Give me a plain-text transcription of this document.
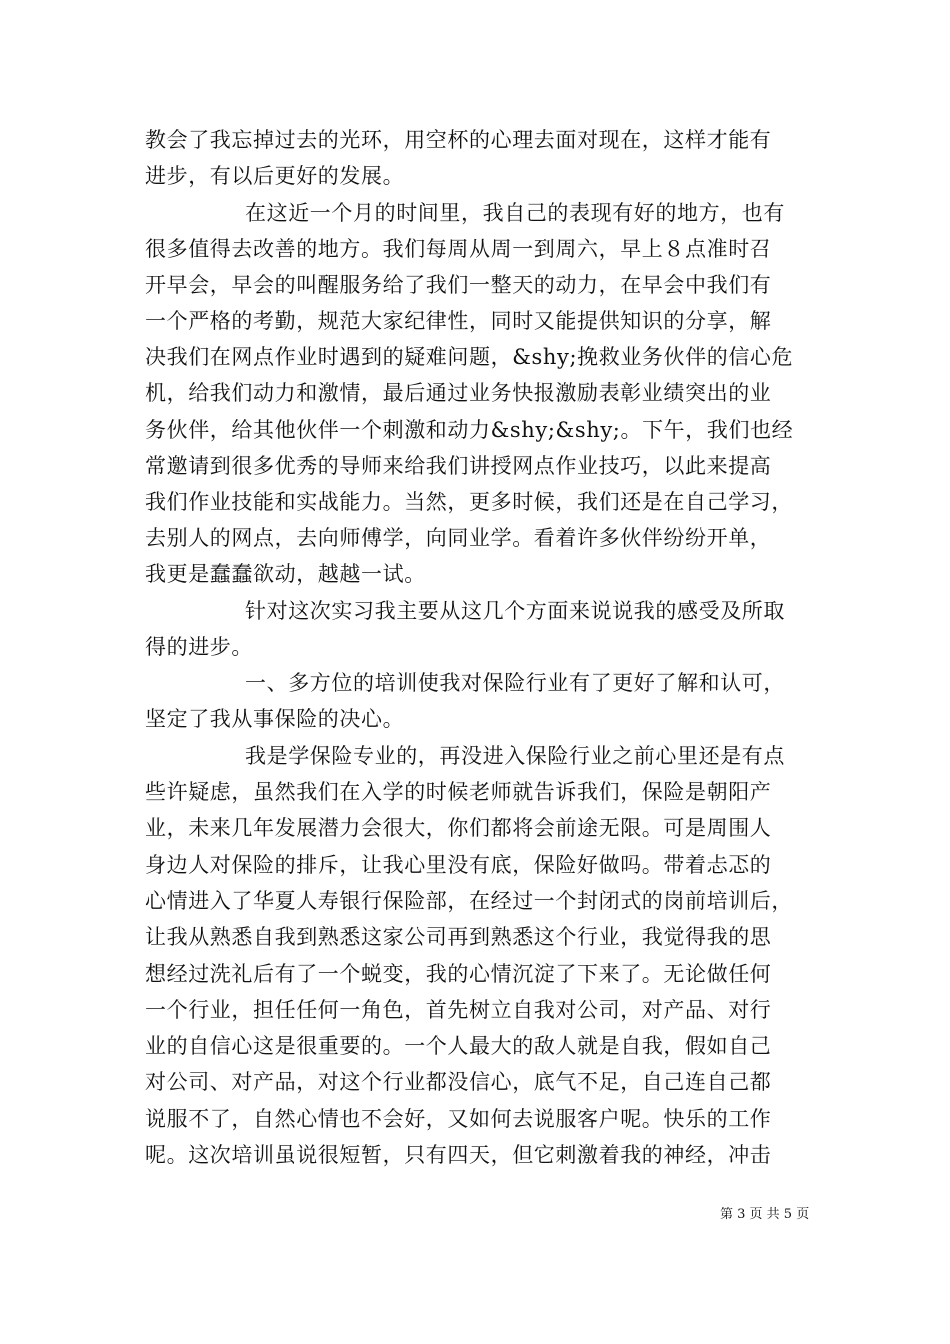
教会了我忘掉过去的光环，用空杯的心理去面对现在，这样才能有
进步，有以后更好的发展。
在这近一个月的时间里，我自己的表现有好的地方，也有
很多值得去改善的地方。我们每周从周一到周六，早上８点准时召
开早会，早会的叫醒服务给了我们一整天的动力，在早会中我们有
一个严格的考勤，规范大家纪律性，同时又能提供知识的分享，解
决我们在网点作业时遇到的疑难问题，&shy;挽救业务伙伴的信心危
机，给我们动力和激情，最后通过业务快报激励表彰业绩突出的业
务伙伴，给其他伙伴一个刺激和动力&shy;&shy;。下午，我们也经
常邀请到很多优秀的导师来给我们讲授网点作业技巧，以此来提高
我们作业技能和实战能力。当然，更多时候，我们还是在自己学习，
去别人的网点，去向师傅学，向同业学。看着许多伙伴纷纷开单，
我更是蠢蠢欲动，越越一试。
针对这次实习我主要从这几个方面来说说我的感受及所取
得的进步。
一、多方位的培训使我对保险行业有了更好了解和认可，
坚定了我从事保险的决心。
我是学保险专业的，再没进入保险行业之前心里还是有点
些许疑虑，虽然我们在入学的时候老师就告诉我们，保险是朝阳产
业，未来几年发展潜力会很大，你们都将会前途无限。可是周围人
身边人对保险的排斥，让我心里没有底，保险好做吗。带着忐忑的
心情进入了华夏人寿银行保险部，在经过一个封闭式的岗前培训后，
让我从熟悉自我到熟悉这家公司再到熟悉这个行业，我觉得我的思
想经过洗礼后有了一个蜕变，我的心情沉淀了下来了。无论做任何
一个行业，担任任何一角色，首先树立自我对公司，对产品、对行
业的自信心这是很重要的。一个人最大的敌人就是自我，假如自己
对公司、对产品，对这个行业都没信心，底气不足，自己连自己都
说服不了，自然心情也不会好，又如何去说服客户呢。快乐的工作
呢。这次培训虽说很短暂，只有四天，但它刺激着我的神经，冲击
第 3 页 共 5 页
